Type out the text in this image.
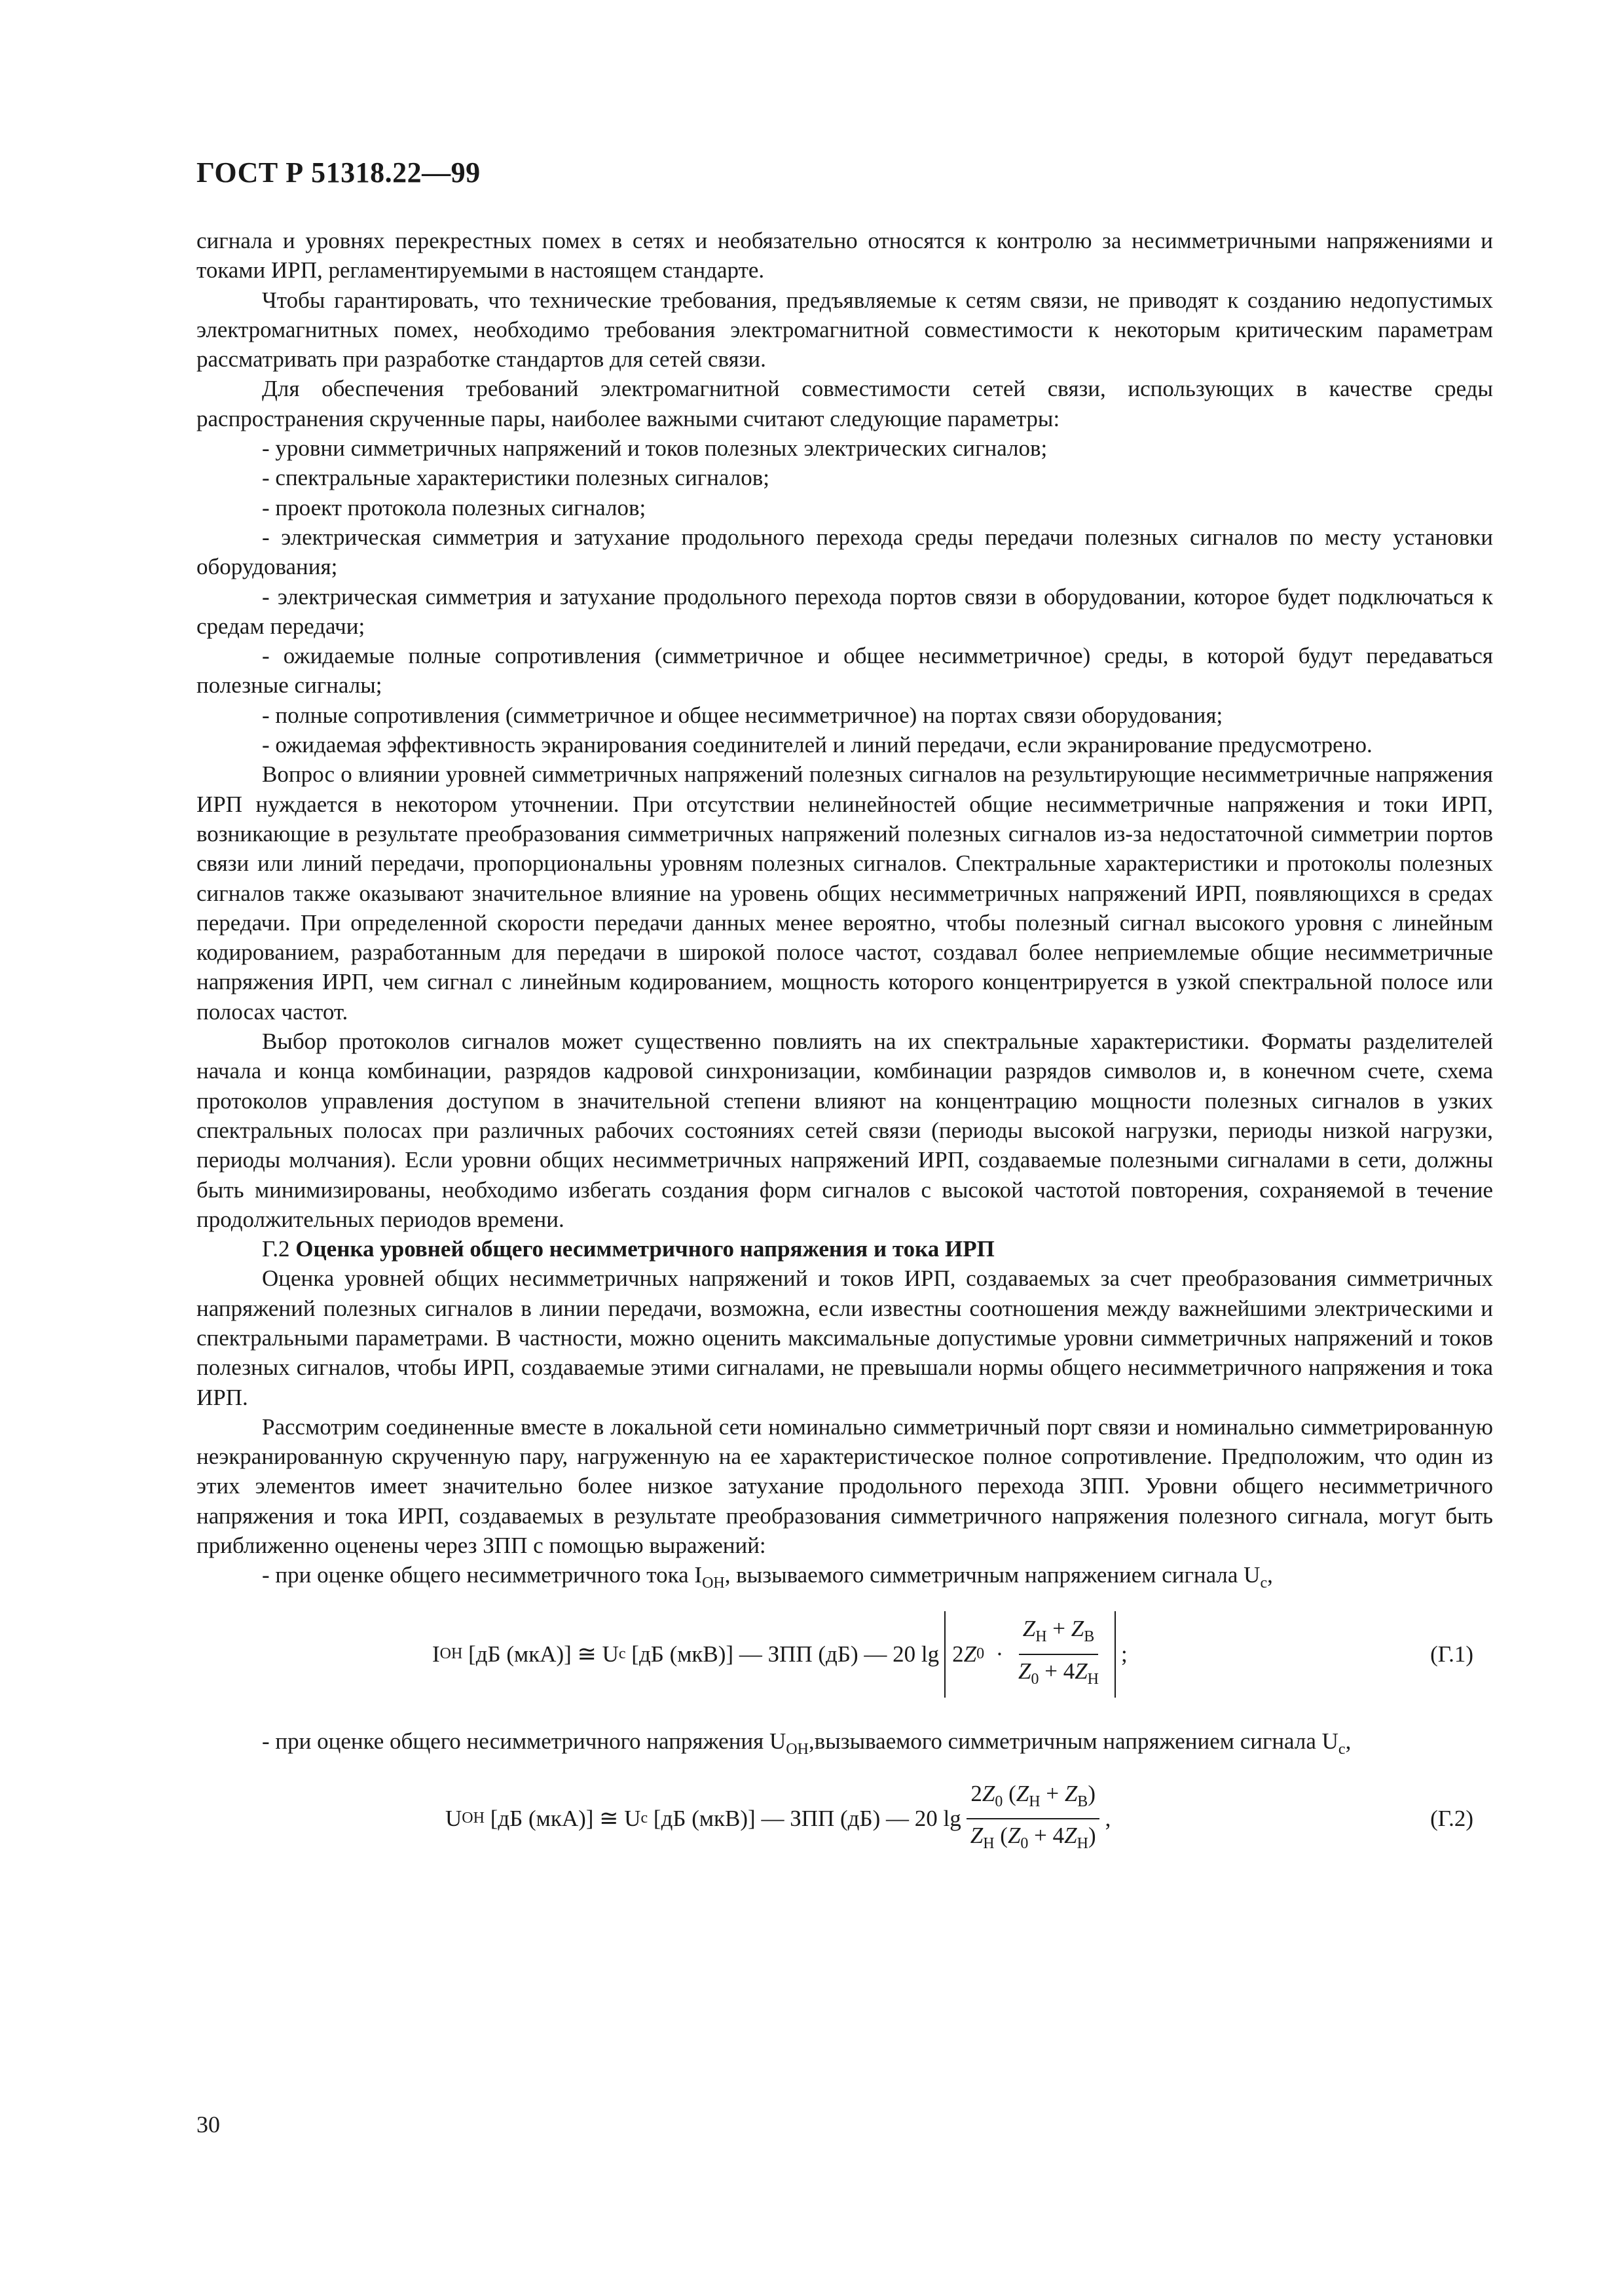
ГОСТ Р 51318.22—99

сигнала и уровнях перекрестных помех в сетях и необязательно относятся к контролю за несимметричными напряжениями и токами ИРП, регламентируемыми в настоящем стандарте.

Чтобы гарантировать, что технические требования, предъявляемые к сетям связи, не приводят к созданию недопустимых электромагнитных помех, необходимо требования электромагнитной совместимости к некоторым критическим параметрам рассматривать при разработке стандартов для сетей связи.

Для обеспечения требований электромагнитной совместимости сетей связи, использующих в качестве среды распространения скрученные пары, наиболее важными считают следующие параметры:

- уровни симметричных напряжений и токов полезных электрических сигналов;

- спектральные характеристики полезных сигналов;

- проект протокола полезных сигналов;

- электрическая симметрия и затухание продольного перехода среды передачи полезных сигналов по месту установки оборудования;

- электрическая симметрия и затухание продольного перехода портов связи в оборудовании, которое будет подключаться к средам передачи;

- ожидаемые полные сопротивления (симметричное и общее несимметричное) среды, в которой будут передаваться полезные сигналы;

- полные сопротивления (симметричное и общее несимметричное) на портах связи оборудования;

- ожидаемая эффективность экранирования соединителей и линий передачи, если экранирование предусмотрено.

Вопрос о влиянии уровней симметричных напряжений полезных сигналов на результирующие несимметричные напряжения ИРП нуждается в некотором уточнении. При отсутствии нелинейностей общие несимметричные напряжения и токи ИРП, возникающие в результате преобразования симметричных напряжений полезных сигналов из-за недостаточной симметрии портов связи или линий передачи, пропорциональны уровням полезных сигналов. Спектральные характеристики и протоколы полезных сигналов также оказывают значительное влияние на уровень общих несимметричных напряжений ИРП, появляющихся в средах передачи. При определенной скорости передачи данных менее вероятно, чтобы полезный сигнал высокого уровня с линейным кодированием, разработанным для передачи в широкой полосе частот, создавал более неприемлемые общие несимметричные напряжения ИРП, чем сигнал с линейным кодированием, мощность которого концентрируется в узкой спектральной полосе или полосах частот.

Выбор протоколов сигналов может существенно повлиять на их спектральные характеристики. Форматы разделителей начала и конца комбинации, разрядов кадровой синхронизации, комбинации разрядов символов и, в конечном счете, схема протоколов управления доступом в значительной степени влияют на концентрацию мощности полезных сигналов в узких спектральных полосах при различных рабочих состояниях сетей связи (периоды высокой нагрузки, периоды низкой нагрузки, периоды молчания). Если уровни общих несимметричных напряжений ИРП, создаваемые полезными сигналами в сети, должны быть минимизированы, необходимо избегать создания форм сигналов с высокой частотой повторения, сохраняемой в течение продолжительных периодов времени.

Г.2 Оценка уровней общего несимметричного напряжения и тока ИРП

Оценка уровней общих несимметричных напряжений и токов ИРП, создаваемых за счет преобразования симметричных напряжений полезных сигналов в линии передачи, возможна, если известны соотношения между важнейшими электрическими и спектральными параметрами. В частности, можно оценить максимальные допустимые уровни симметричных напряжений и токов полезных сигналов, чтобы ИРП, создаваемые этими сигналами, не превышали нормы общего несимметричного напряжения и тока ИРП.

Рассмотрим соединенные вместе в локальной сети номинально симметричный порт связи и номинально симметрированную неэкранированную скрученную пару, нагруженную на ее характеристическое полное сопротивление. Предположим, что один из этих элементов имеет значительно более низкое затухание продольного перехода ЗПП. Уровни общего несимметричного напряжения и тока ИРП, создаваемых в результате преобразования симметричного напряжения полезного сигнала, могут быть приближенно оценены через ЗПП с помощью выражений:

- при оценке общего несимметричного тока $I_{ОН}$, вызываемого симметричным напряжением сигнала $U_c$,

I ОН
[дБ (мкА)] ≅ U c
[дБ (мкВ)] — ЗПП (дБ) — 20 lg 2 Z 0
·
$\frac{Z_Н + Z_В}{Z_0 + 4Z_Н}$ ;	(Г.1)

- при оценке общего несимметричного напряжения $U_{ОН},вызываемого$ симметричным напряжением сигнала $U_c$,

U ОН
[дБ (мкА)] ≅ U c
[дБ (мкВ)] — ЗПП (дБ) — 20 $\lg \frac{2Z_0 (Z_Н + Z_В)}{Z_Н (Z_0 + 4Z_Н)}$ ,	(Г.2)
30
